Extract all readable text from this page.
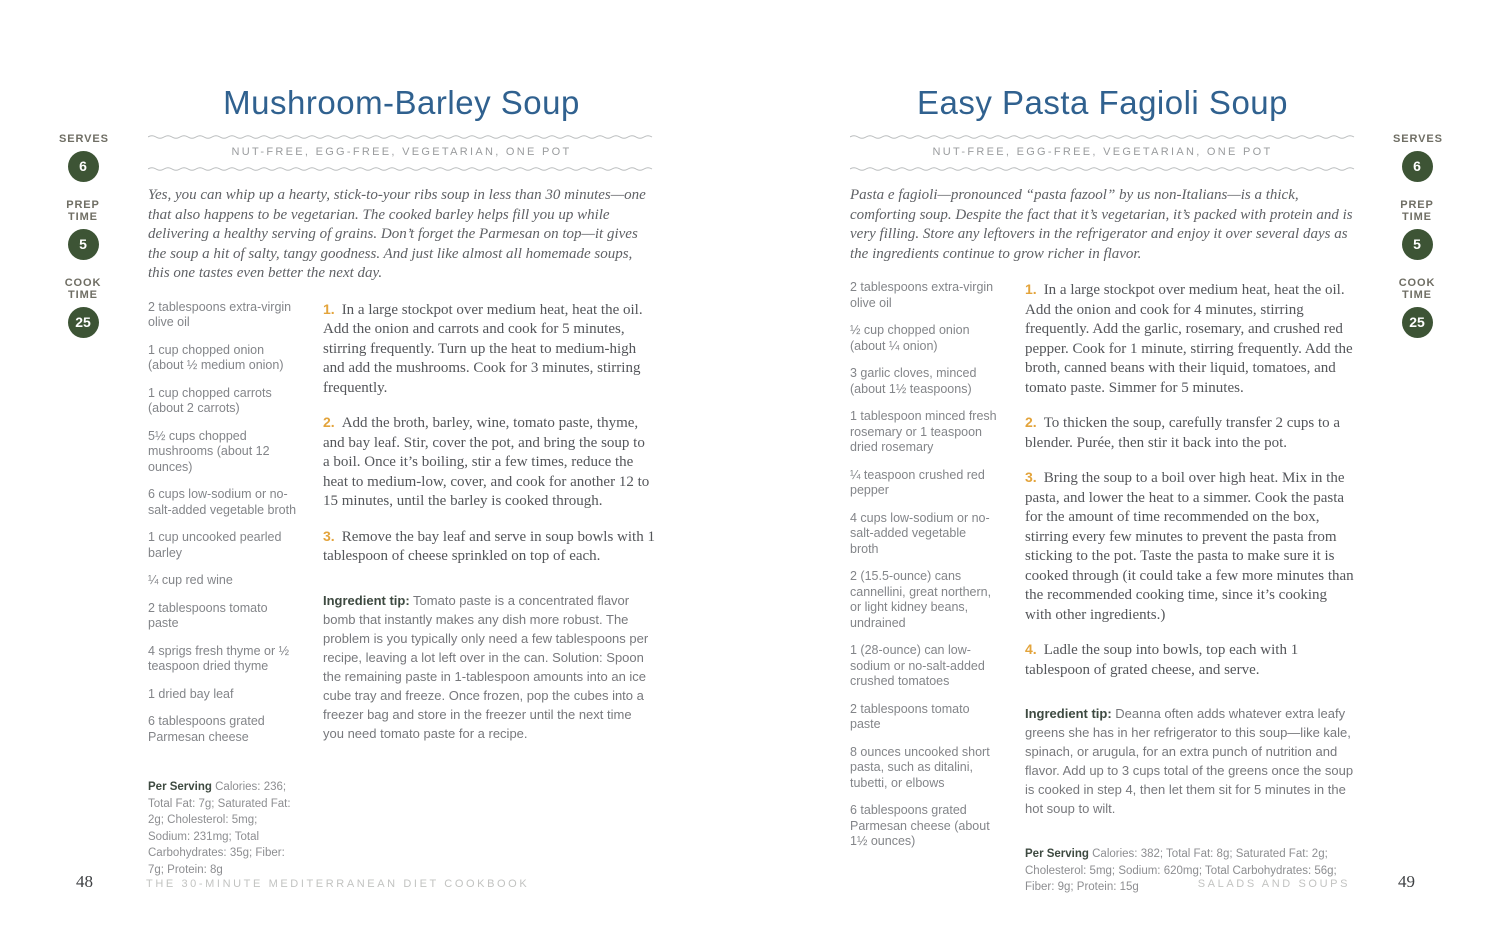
SERVES
6
PREP TIME
5
COOK TIME
25
Mushroom-Barley Soup
NUT-FREE, EGG-FREE, VEGETARIAN, ONE POT

Yes, you can whip up a hearty, stick-to-your ribs soup in less than 30 minutes—one that also happens to be vegetarian. The cooked barley helps fill you up while delivering a healthy serving of grains. Don’t forget the Parmesan on top—it gives the soup a hit of salty, tangy goodness. And just like almost all homemade soups, this one tastes even better the next day.

2 tablespoons extra-virgin olive oil

1 cup chopped onion (about ½ medium onion)

1 cup chopped carrots (about 2 carrots)

5½ cups chopped mushrooms (about 12 ounces)

6 cups low-sodium or no-salt-added vegetable broth

1 cup uncooked pearled barley

¼ cup red wine

2 tablespoons tomato paste

4 sprigs fresh thyme or ½ teaspoon dried thyme

1 dried bay leaf

6 tablespoons grated Parmesan cheese

Per Serving Calories: 236; Total Fat: 7g; Saturated Fat: 2g; Cholesterol: 5mg; Sodium: 231mg; Total Carbohydrates: 35g; Fiber: 7g; Protein: 8g

1. In a large stockpot over medium heat, heat the oil. Add the onion and carrots and cook for 5 minutes, stirring frequently. Turn up the heat to medium-high and add the mushrooms. Cook for 3 minutes, stirring frequently.

2. Add the broth, barley, wine, tomato paste, thyme, and bay leaf. Stir, cover the pot, and bring the soup to a boil. Once it’s boiling, stir a few times, reduce the heat to medium-low, cover, and cook for another 12 to 15 minutes, until the barley is cooked through.

3. Remove the bay leaf and serve in soup bowls with 1 tablespoon of cheese sprinkled on top of each.

Ingredient tip: Tomato paste is a concentrated flavor bomb that instantly makes any dish more robust. The problem is you typically only need a few tablespoons per recipe, leaving a lot left over in the can. Solution: Spoon the remaining paste in 1-tablespoon amounts into an ice cube tray and freeze. Once frozen, pop the cubes into a freezer bag and store in the freezer until the next time you need tomato paste for a recipe.

Easy Pasta Fagioli Soup
NUT-FREE, EGG-FREE, VEGETARIAN, ONE POT

Pasta e fagioli—pronounced “pasta fazool” by us non-Italians—is a thick, comforting soup. Despite the fact that it’s vegetarian, it’s packed with protein and is very filling. Store any leftovers in the refrigerator and enjoy it over several days as the ingredients continue to grow richer in flavor.

2 tablespoons extra-virgin olive oil

½ cup chopped onion (about ¼ onion)

3 garlic cloves, minced (about 1½ teaspoons)

1 tablespoon minced fresh rosemary or 1 teaspoon dried rosemary

¼ teaspoon crushed red pepper

4 cups low-sodium or no-salt-added vegetable broth

2 (15.5-ounce) cans cannellini, great northern, or light kidney beans, undrained

1 (28-ounce) can low-sodium or no-salt-added crushed tomatoes

2 tablespoons tomato paste

8 ounces uncooked short pasta, such as ditalini, tubetti, or elbows

6 tablespoons grated Parmesan cheese (about 1½ ounces)

1. In a large stockpot over medium heat, heat the oil. Add the onion and cook for 4 minutes, stirring frequently. Add the garlic, rosemary, and crushed red pepper. Cook for 1 minute, stirring frequently. Add the broth, canned beans with their liquid, tomatoes, and tomato paste. Simmer for 5 minutes.

2. To thicken the soup, carefully transfer 2 cups to a blender. Purée, then stir it back into the pot.

3. Bring the soup to a boil over high heat. Mix in the pasta, and lower the heat to a simmer. Cook the pasta for the amount of time recommended on the box, stirring every few minutes to prevent the pasta from sticking to the pot. Taste the pasta to make sure it is cooked through (it could take a few more minutes than the recommended cooking time, since it’s cooking with other ingredients.)

4. Ladle the soup into bowls, top each with 1 tablespoon of grated cheese, and serve.

Ingredient tip: Deanna often adds whatever extra leafy greens she has in her refrigerator to this soup—like kale, spinach, or arugula, for an extra punch of nutrition and flavor. Add up to 3 cups total of the greens once the soup is cooked in step 4, then let them sit for 5 minutes in the hot soup to wilt.

Per Serving Calories: 382; Total Fat: 8g; Saturated Fat: 2g; Cholesterol: 5mg; Sodium: 620mg; Total Carbohydrates: 56g; Fiber: 9g; Protein: 15g

SERVES
6
PREP TIME
5
COOK TIME
25
48	THE 30-MINUTE MEDITERRANEAN DIET COOKBOOK	SALADS AND SOUPS	49
